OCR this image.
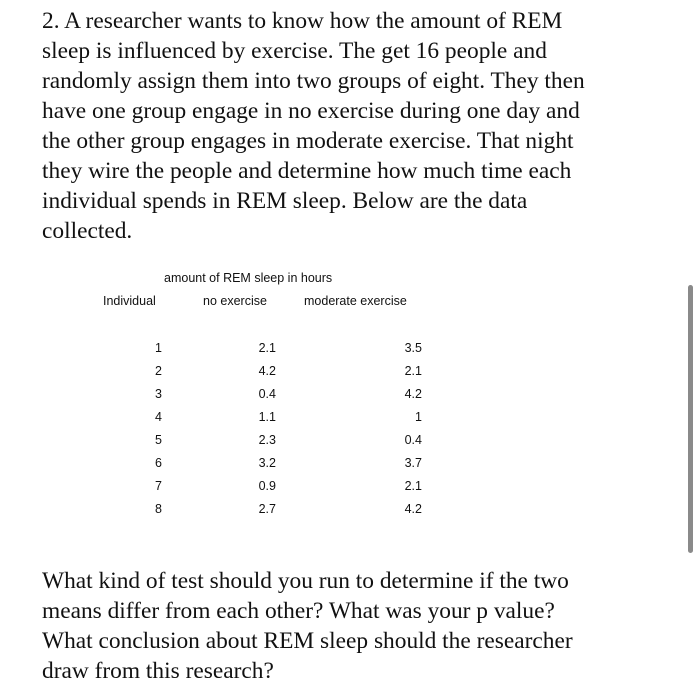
2. A researcher wants to know how the amount of REM
sleep is influenced by exercise. The get 16 people and
randomly assign them into two groups of eight. They then
have one group engage in no exercise during one day and
the other group engages in moderate exercise. That night
they wire the people and determine how much time each
individual spends in REM sleep. Below are the data
collected.
amount of REM sleep in hours
Individual	no exercise	moderate exercise
1
2
3
4
5
6
7
8
2.1
4.2
0.4
1.1
2.3
3.2
0.9
2.7
3.5
2.1
4.2
1
0.4
3.7
2.1
4.2
What kind of test should you run to determine if the two
means differ from each other? What was your p value?
What conclusion about REM sleep should the researcher
draw from this research?
